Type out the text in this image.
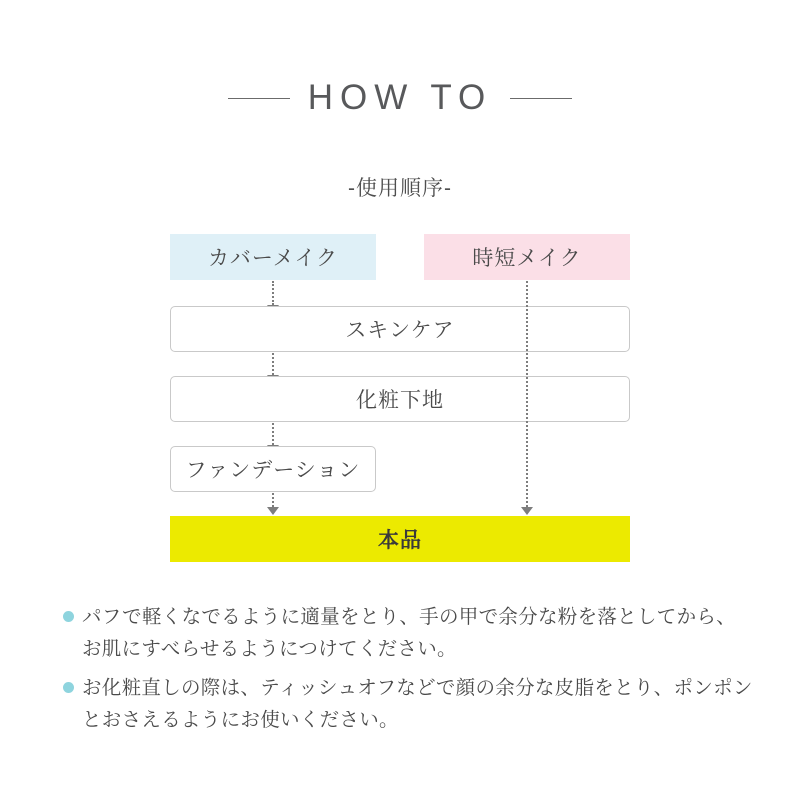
HOW TO
-使用順序-
カバーメイク	時短メイク
スキンケア
化粧下地
ファンデーション
本品
パフで軽くなでるように適量をとり、手の甲で余分な粉を落としてから、お肌にすべらせるようにつけてください。
お化粧直しの際は、ティッシュオフなどで顔の余分な皮脂をとり、ポンポンとおさえるようにお使いください。
